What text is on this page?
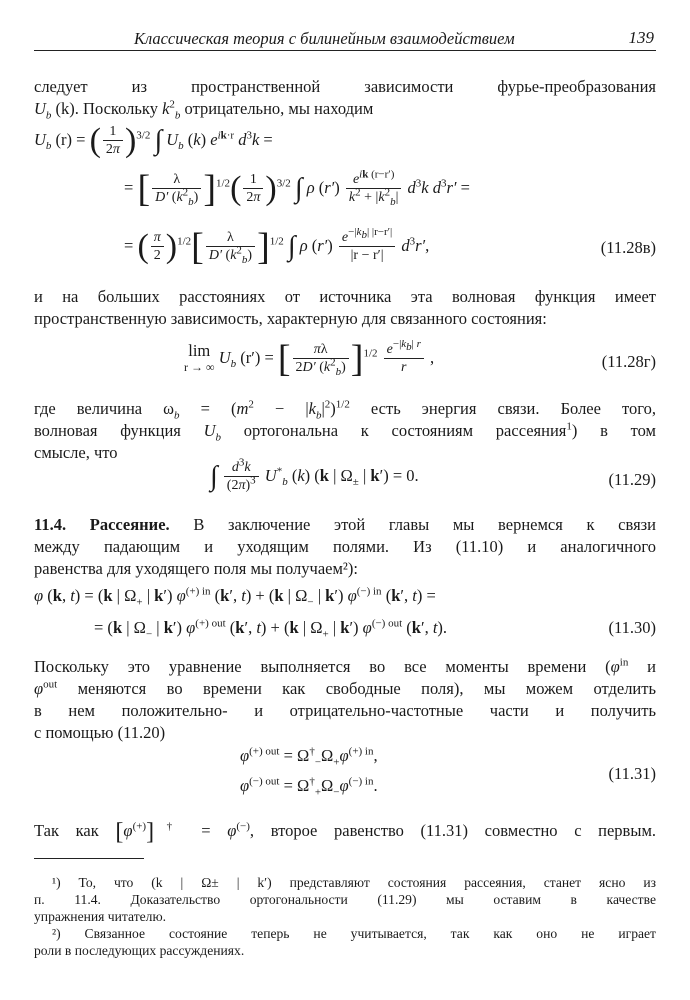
Классическая теория с билинейным взаимодействием	139
следует из пространственной зависимости фурье-преобразования
$U_b$ (k). Поскольку $k^2_b$ отрицательно, мы находим
$U_b$ (r) = ( $\frac{1}{2\pi} )^{3/2}$ ∫ $U_b$ (k) $e^{ik\cdot r}$ $d^3k$ =
= [ $\frac{\lambda}{D' (k^2_b)} ]^{1/2}( \frac{1}{2\pi} )^{3/2}$ ∫ ρ $(r') \frac{e^{ik (r-r')}}{k^2 + |k^2_b|} d^3k$ $d^3r'$ =
= ( $\frac{\pi}{2} )^{1/2}[ \frac{\lambda}{D' (k^2_b)} ]^{1/2}$ ∫ ρ $(r') \frac{e^{-|k_b| |r-r'|}}{|r - r'|} d^3r'$,	(11.28в)
и на больших расстояниях от источника эта волновая функция имеет
пространственную зависимость, характерную для связанного состояния:
lim
r → ∞
$U_b$ (r′) = [ $\frac{\pi\lambda}{2D' (k^2_b)} ]^{1/2} \frac{e^{-|k_b| r}}{r}$ ,	(11.28г)
где величина $\omega_b = (m^2 - |k_b|^2)^{1/2}$ есть энергия связи. Более того,
волновая функция $U_b$ ортогональна к состояниям рассеяния$^1$) в том
смысле, что
∫ $\frac{d^3k}{(2\pi)^3} U^*_b$ (k) (k | $\Omega_\pm$ | k′) = 0.	(11.29)
11.4. Рассеяние. В заключение этой главы мы вернемся к связи
между падающим и уходящим полями. Из (11.10) и аналогичного
равенства для уходящего поля мы получаем²):
φ (k, t) = (k | $\Omega_+$ | k′) $\varphi^{(+) in}$ (k′, t) + (k | $\Omega_-$ | k′) $\varphi^{(-) in}$ (k′, t) =
= (k | $\Omega_-$ | k′) $\varphi^{(+) out}$ (k′, t) + (k | $\Omega_+$ | k′) $\varphi^{(-) out}$ (k′, t).	(11.30)
Поскольку это уравнение выполняется во все моменты времени ($\varphi^{in}$ и
$\varphi^{out}$ меняются во времени как свободные поля), мы можем отделить
в нем положительно- и отрицательно-частотные части и получить
с помощью (11.20)
$\varphi^{(+) out} = \Omega^\dagger_-\Omega_+\varphi^{(+) in}$,
$\varphi^{(-) out} = \Omega^\dagger_+\Omega_-\varphi^{(-) in}$.
(11.31)
Так как [φ(+)]† = φ(−), второе равенство (11.31) совместно с первым.
¹) То, что (k | Ω± | k′) представляют состояния рассеяния, станет ясно из
п. 11.4. Доказательство ортогональности (11.29) мы оставим в качестве
упражнения читателю.
²) Связанное состояние теперь не учитывается, так как оно не играет
роли в последующих рассуждениях.
